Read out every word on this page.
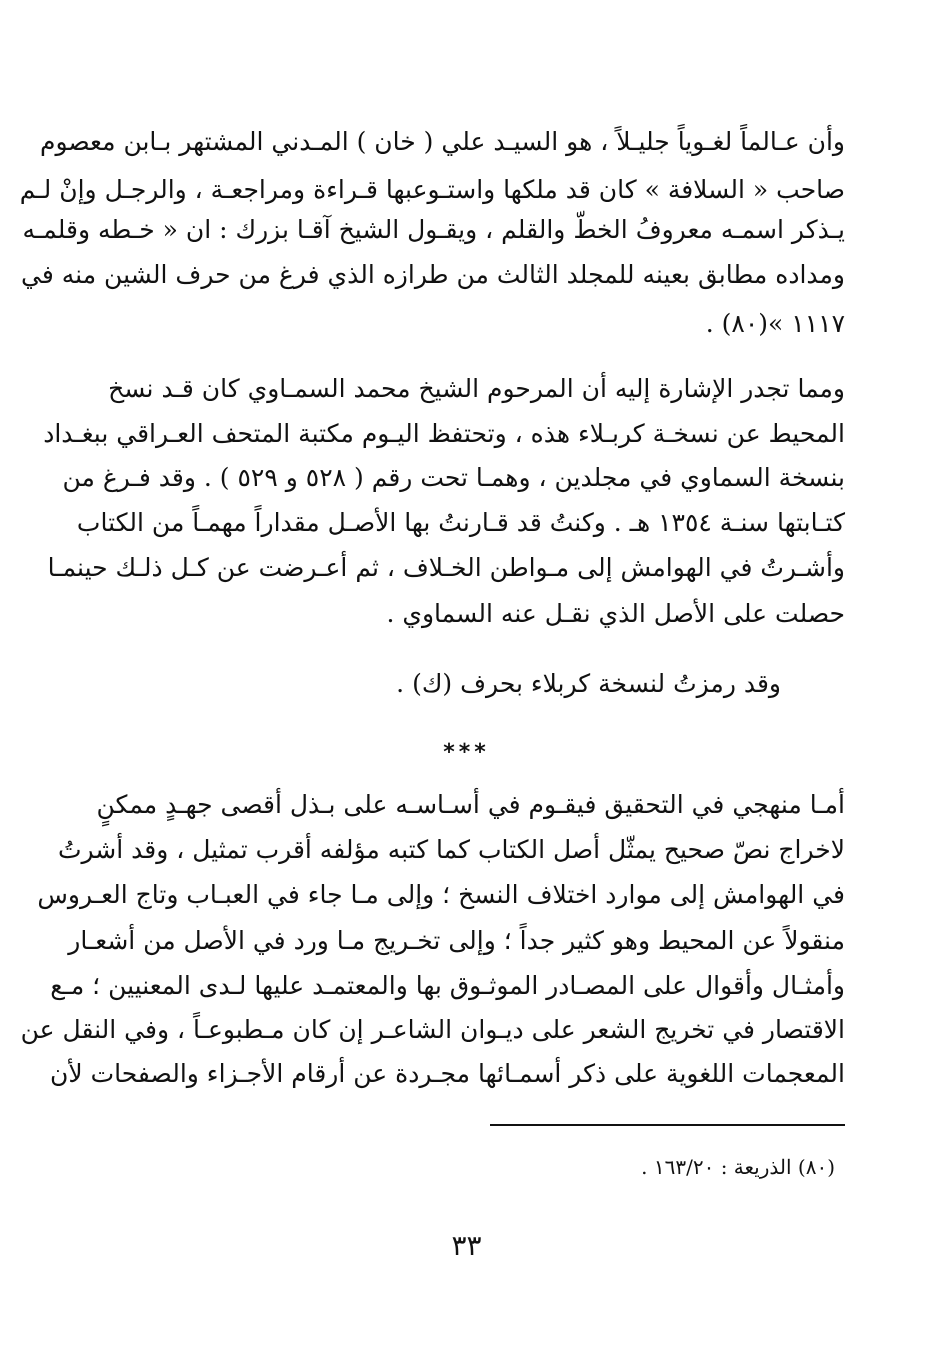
وأن عـالماً لغـوياً جليـلاً ، هو السيـد علي ( خان ) المـدني المشتهر بـابن معصوم
صاحب « السلافة » كان قد ملكها واستـوعبها قـراءة ومراجعـة ، والرجـل وإنْ لـم
يـذكر اسمـه معروفُ الخطّ والقلم ، ويقـول الشيخ آقـا بزرك : ان « خـطه وقلمـه
ومداده مطابق بعينه للمجلد الثالث من طرازه الذي فرغ من حرف الشين منه في
١١١٧ »(٨٠) .
ومما تجدر الإشارة إليه أن المرحوم الشيخ محمد السمـاوي كان قـد نسخ
المحيط عن نسخـة كربـلاء هذه ، وتحتفظ اليـوم مكتبة المتحف العـراقي ببغـداد
بنسخة السماوي في مجلدين ، وهمـا تحت رقم ( ٥٢٨ و ٥٢٩ ) . وقد فـرغ من
كتـابتها سنـة ١٣٥٤ هـ . وكنتُ قد قـارنتُ بها الأصـل مقداراً مهمـاً من الكتاب
وأشـرتُ في الهوامش إلى مـواطن الخـلاف ، ثم أعـرضت عن كـل ذلـك حينمـا
حصلت على الأصل الذي نقـل عنه السماوي .
وقد رمزتُ لنسخة كربلاء بحرف (ك) .
***
أمـا منهجي في التحقيق فيقـوم في أسـاسـه على بـذل أقصى جهـدٍ ممكنٍ
لاخراج نصّ صحيح يمثّل أصل الكتاب كما كتبه مؤلفه أقرب تمثيل ، وقد أشرتُ
في الهوامش إلى موارد اختلاف النسخ ؛ وإلى مـا جاء في العبـاب وتاج العـروس
منقولاً عن المحيط وهو كثير جداً ؛ وإلى تخـريج مـا ورد في الأصل من أشعـار
وأمثـال وأقوال على المصـادر الموثـوق بها والمعتمـد عليها لـدى المعنيين ؛ مـع
الاقتصار في تخريج الشعر على ديـوان الشاعـر إن كان مـطبوعـاً ، وفي النقل عن
المعجمات اللغوية على ذكر أسمـائها مجـردة عن أرقام الأجـزاء والصفحات لأن
(٨٠) الذريعة : ١٦٣/٢٠ .
٣٣
